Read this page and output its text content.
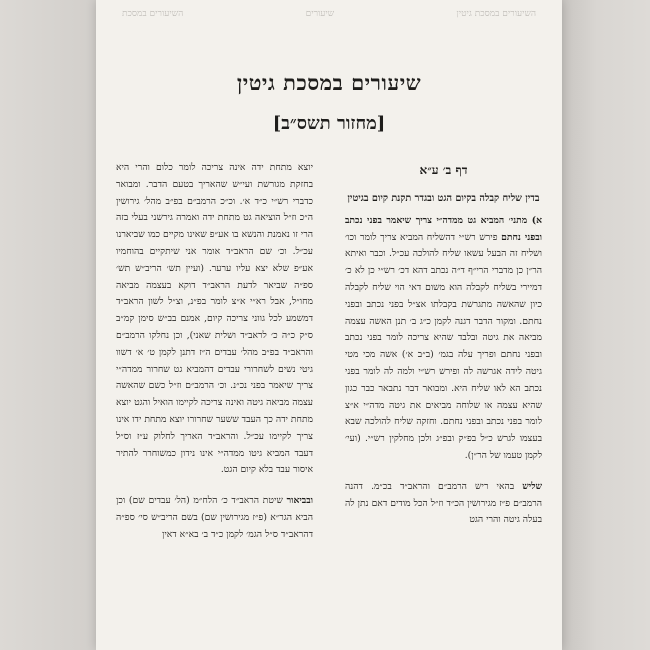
השיעורים במסכת גיטין
שיעורים
השיעורים במסכת
שיעורים במסכת גיטין
[מחזור תשס״ב]
דף ב׳ ע״א
בדין שליח קבלה בקיום הגט ובגדר תקנת קיום בגיטין

א) מתני׳ המביא גט ממדה״י צריך שיאמר בפני נכתב ובפני נחתם פירש רש״י דהשליח המביא צריך לומר וכו׳ ושליח זה הבעל עשאו שליח להולכה עכ״ל. וכבר ואיתא הר״ן כן מדברי הרי״ף ד״ה נכתב דהא דכ׳ רש״י כן לא כ׳ דמיירי בשליח לקבלה הוא משום דאי הוי שליח לקבלה כיון שהאשה מתגרשת בקבלתו אצ״ל בפני נכתב ובפני נחתם. ומקור הדבר דגנה לקמן כ״ג ב׳ תנן האשה עצמה מביאה את גיטה ובלבד שהיא צריכה לומר בפני נכתב ובפני נחתם ופריך עלה בגמ׳ (ב״ב א׳) אשה מכי מטי גיטה לידה אגרשה לה ופירש רש״י ולמה לה לומר בפני נכתב הא לאו שליח היא. ומבואר דבר נתבאר כבר כגון שהיא עצמה או שלוחה מביאים את גיטה מדה״י א״צ לומר בפני נכתב ובפני נחתם. וחזקה שליח להולכה שבא בעצמו לגרש כ״ל בפ״ק ובפ״ג ולכן מחלקין רש״י. (ועי׳ לקמן טעמו של הר״ן).

שליש בהאי ריש הרמב״ם והראב״ד בכ״מ. דהנה הרמב״ם פ״ז מגירושין הכ״ד וז״ל הכל מודים דאם נתן לה בעלה גיטה והרי הגט

יוצא מתחת ידה אינה צריכה לומר כלום והרי היא בחזקת מגורשת ועי״ש שהאריך בטעם הדבר. ומבואר כדברי רש״י כ״ד א׳. וכ״כ הרמב״ם בפ״ב מהל׳ גירושין ה״כ וז״ל הוציאה גט מתחת ידה ואמרה גירשני בעלי בזה הרי זו נאמנת והנשא בו אע״פ שאינו מקיים כמו שביארנו עכ״ל. וכ׳ שם הראב״ד אומר אני שיתקיים בהוחמיו אע״פ שלא יצא עליו ערער. (ועיין תש׳ הריב״ש תש׳ ספ״ה שביאר לדעת הראב״ד דוקא בעצמה מביאה מחו״ל, אבל רא״י א״צ לומר בפ״נ, וצ״ל לשון הראב״ד דמשמע לכל גווני צריכה קיום, אמנם בב״ש סימן קמ״ב ס״ק כ״ה כ׳ לראב״ד ושלית שאני), וכן נחלקו הרמב״ם והראב״ד בפ״ב מהל׳ עבדים ה״ז דתנן לקמן ט׳ א׳ דשוו גיטי נשים לשחרורי עבדים דהמביא גט שחרור ממדה״י צריך שיאמר בפני נכ״נ. וכ׳ הרמב״ם וז״ל כשם שהאשה עצמה מביאה גיטה ואינה צריכה לקיימו הואיל והגט יוצא מתחת ידה כך העבד ששער שחרורו יוצא מתחת ידו אינו צריך לקיימו עכ״ל. והראב״ד האריך לחלוק ע״ז וס״ל דעבד המביא גיטו ממדה״י אינו נידון כמשוחרר להתיר איסור עבד בלא קיום הגט.

ובביאור שיטת הראב״ד כ׳ הלח״מ (הל׳ עבדים שם) וכן הביא הגר״א (פ״ז מגירושין שם) בשם הריב״ש סי׳ ספ״ה דהראב״ד ס״ל הגמ׳ לקמן כ״ד ב׳ בא״א דאין
